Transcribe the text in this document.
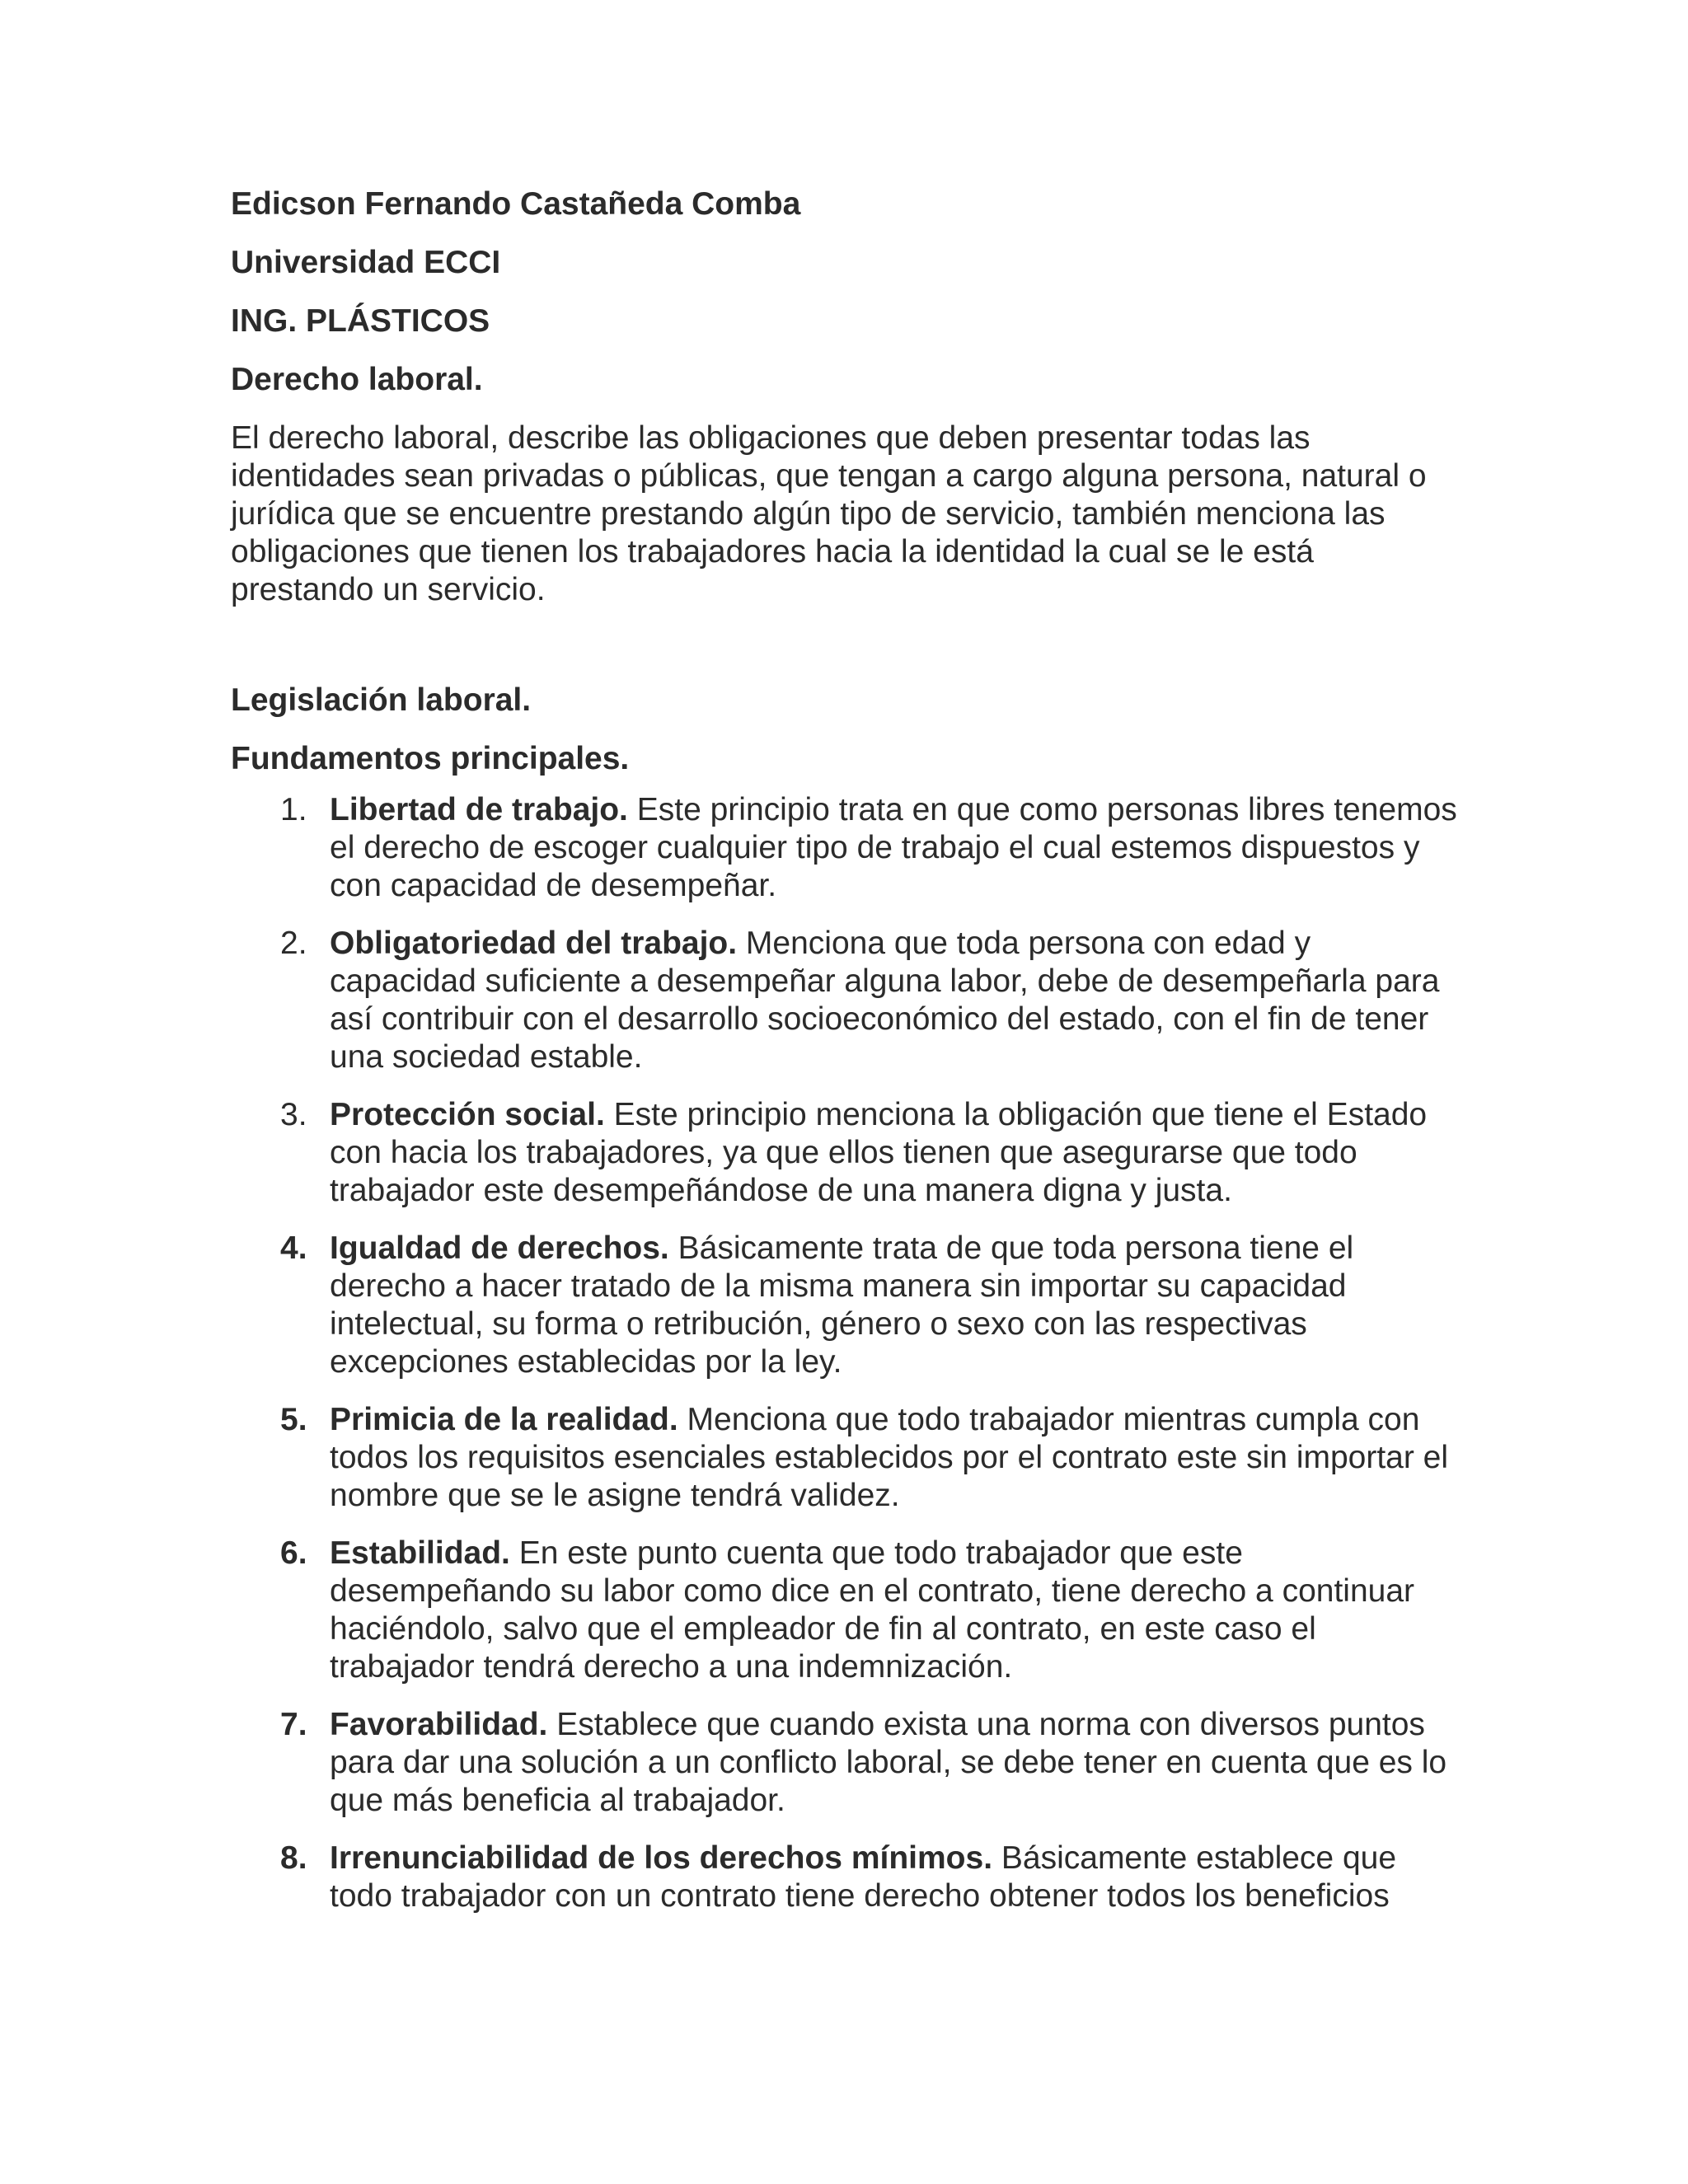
Edicson Fernando Castañeda Comba

Universidad ECCI

ING. PLÁSTICOS

Derecho laboral.

El derecho laboral, describe las obligaciones que deben presentar todas las identidades sean privadas o públicas, que tengan a cargo alguna persona, natural o jurídica que se encuentre prestando algún tipo de servicio, también menciona las obligaciones que tienen los trabajadores hacia la identidad la cual se le está prestando un servicio.

Legislación laboral.

Fundamentos principales.

1. Libertad de trabajo. Este principio trata en que como personas libres tenemos el derecho de escoger cualquier tipo de trabajo el cual estemos dispuestos y con capacidad de desempeñar.
2. Obligatoriedad del trabajo. Menciona que toda persona con edad y capacidad suficiente a desempeñar alguna labor, debe de desempeñarla para así contribuir con el desarrollo socioeconómico del estado, con el fin de tener una sociedad estable.
3. Protección social. Este principio menciona la obligación que tiene el Estado con hacia los trabajadores, ya que ellos tienen que asegurarse que todo trabajador este desempeñándose de una manera digna y justa.
4. Igualdad de derechos. Básicamente trata de que toda persona tiene el derecho a hacer tratado de la misma manera sin importar su capacidad intelectual, su forma o retribución, género o sexo con las respectivas excepciones establecidas por la ley.
5. Primicia de la realidad. Menciona que todo trabajador mientras cumpla con todos los requisitos esenciales establecidos por el contrato este sin importar el nombre que se le asigne tendrá validez.
6. Estabilidad. En este punto cuenta que todo trabajador que este desempeñando su labor como dice en el contrato, tiene derecho a continuar haciéndolo, salvo que el empleador de fin al contrato, en este caso el trabajador tendrá derecho a una indemnización.
7. Favorabilidad. Establece que cuando exista una norma con diversos puntos para dar una solución a un conflicto laboral, se debe tener en cuenta que es lo que más beneficia al trabajador.
8. Irrenunciabilidad de los derechos mínimos. Básicamente establece que todo trabajador con un contrato tiene derecho obtener todos los beneficios
